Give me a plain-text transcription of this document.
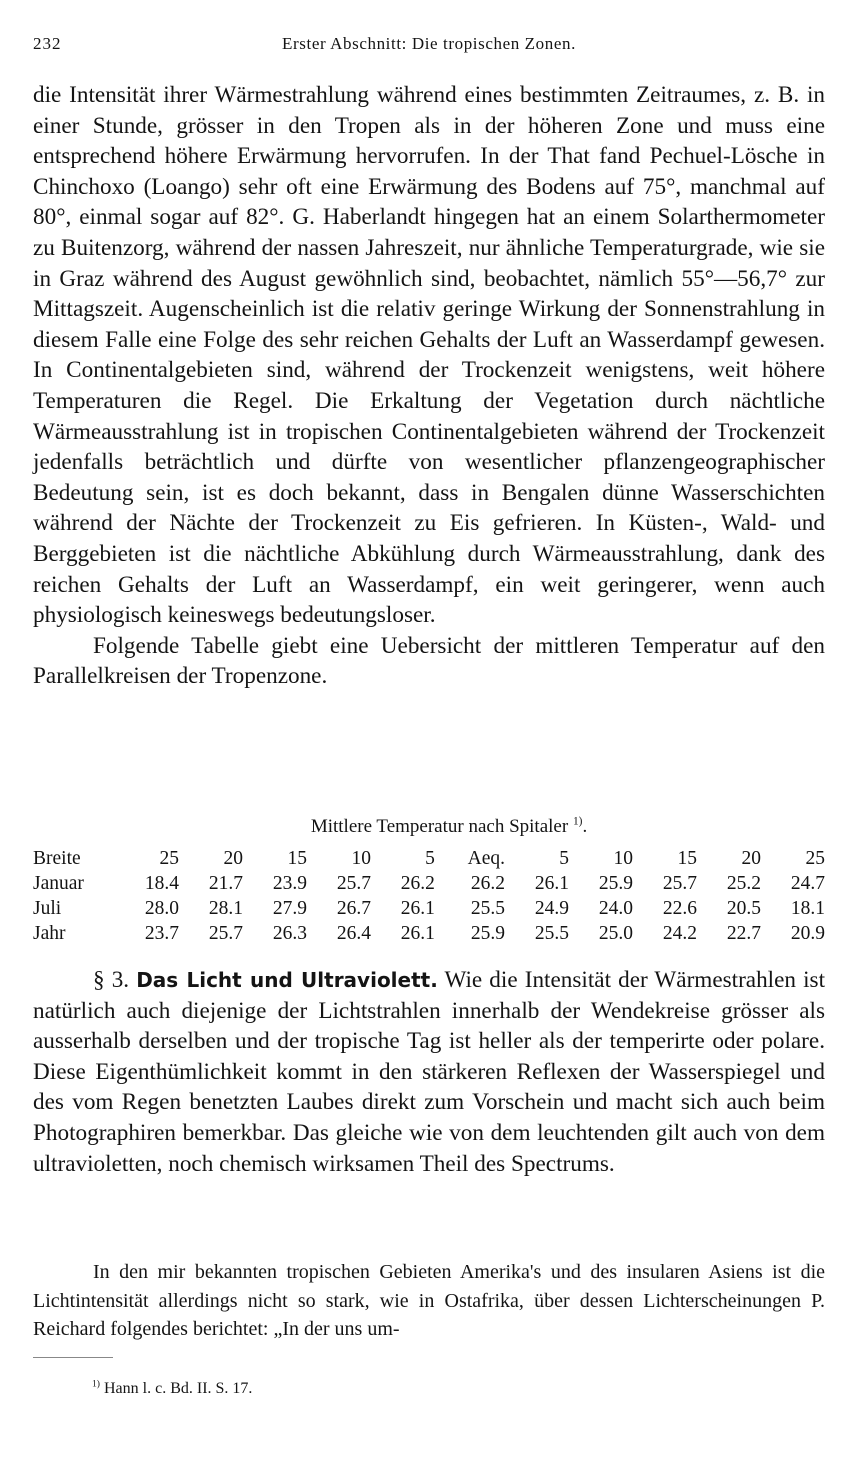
232	Erster Abschnitt: Die tropischen Zonen.

die Intensität ihrer Wärmestrahlung während eines bestimmten Zeitraumes, z. B. in einer Stunde, grösser in den Tropen als in der höheren Zone und muss eine entsprechend höhere Erwärmung hervorrufen. In der That fand Pechuel-Lösche in Chinchoxo (Loango) sehr oft eine Erwärmung des Bodens auf 75°, manchmal auf 80°, einmal sogar auf 82°. G. Haberlandt hingegen hat an einem Solarthermometer zu Buitenzorg, während der nassen Jahreszeit, nur ähnliche Temperaturgrade, wie sie in Graz während des August gewöhnlich sind, beobachtet, nämlich 55°—56,7° zur Mittagszeit. Augenscheinlich ist die relativ geringe Wirkung der Sonnenstrahlung in diesem Falle eine Folge des sehr reichen Gehalts der Luft an Wasserdampf gewesen. In Continentalgebieten sind, während der Trockenzeit wenigstens, weit höhere Temperaturen die Regel. Die Erkaltung der Vegetation durch nächtliche Wärmeausstrahlung ist in tropischen Continentalgebieten während der Trockenzeit jedenfalls beträchtlich und dürfte von wesentlicher pflanzengeographischer Bedeutung sein, ist es doch bekannt, dass in Bengalen dünne Wasserschichten während der Nächte der Trockenzeit zu Eis gefrieren. In Küsten-, Wald- und Berggebieten ist die nächtliche Abkühlung durch Wärmeausstrahlung, dank des reichen Gehalts der Luft an Wasserdampf, ein weit geringerer, wenn auch physiologisch keineswegs bedeutungsloser.

Folgende Tabelle giebt eine Uebersicht der mittleren Temperatur auf den Parallelkreisen der Tropenzone.

Mittlere Temperatur nach Spitaler $^{1)}$.
Breite	25	20	15	10	5	Aeq.	5	10	15	20	25
Januar	18.4	21.7	23.9	25.7	26.2	26.2	26.1	25.9	25.7	25.2	24.7
Juli	28.0	28.1	27.9	26.7	26.1	25.5	24.9	24.0	22.6	20.5	18.1
Jahr	23.7	25.7	26.3	26.4	26.1	25.9	25.5	25.0	24.2	22.7	20.9

§ 3. Das Licht und Ultraviolett. Wie die Intensität der Wärmestrahlen ist natürlich auch diejenige der Lichtstrahlen innerhalb der Wendekreise grösser als ausserhalb derselben und der tropische Tag ist heller als der temperirte oder polare. Diese Eigenthümlichkeit kommt in den stärkeren Reflexen der Wasserspiegel und des vom Regen benetzten Laubes direkt zum Vorschein und macht sich auch beim Photographiren bemerkbar. Das gleiche wie von dem leuchtenden gilt auch von dem ultravioletten, noch chemisch wirksamen Theil des Spectrums.

In den mir bekannten tropischen Gebieten Amerika's und des insularen Asiens ist die Lichtintensität allerdings nicht so stark, wie in Ostafrika, über dessen Lichterscheinungen P. Reichard folgendes berichtet: „In der uns um-

$^{1)}$ Hann l. c. Bd. II. S. 17.
